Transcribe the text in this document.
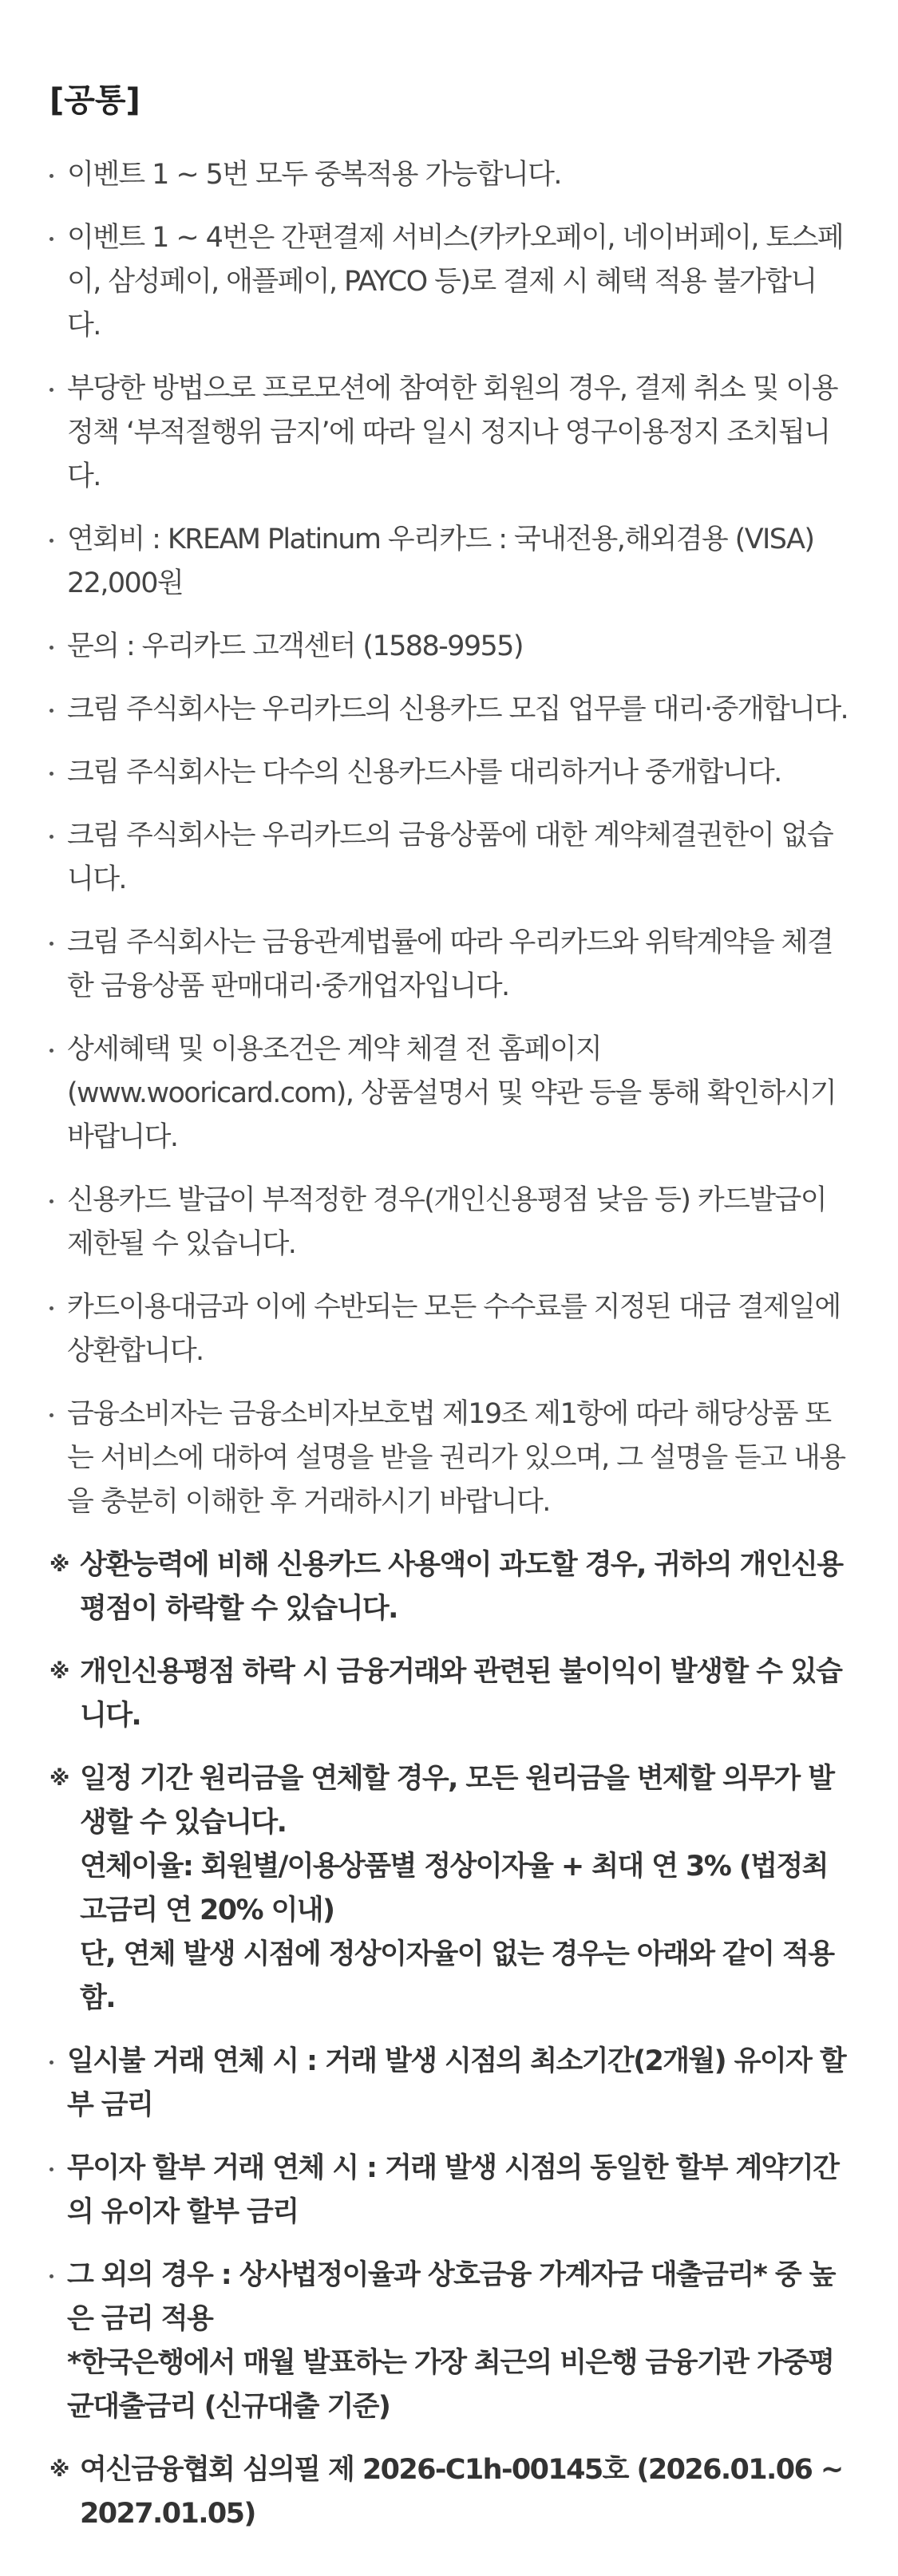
[공통]
이벤트 1 ~ 5번 모두 중복적용 가능합니다.
이벤트 1 ~ 4번은 간편결제 서비스(카카오페이, 네이버페이, 토스페이, 삼성페이, 애플페이, PAYCO 등)로 결제 시 혜택 적용 불가합니다.
부당한 방법으로 프로모션에 참여한 회원의 경우, 결제 취소 및 이용정책 ‘부적절행위 금지’에 따라 일시 정지나 영구이용정지 조치됩니다.
연회비 : KREAM Platinum 우리카드 : 국내전용,해외겸용 (VISA) 22,000원
문의 : 우리카드 고객센터 (1588-9955)
크림 주식회사는 우리카드의 신용카드 모집 업무를 대리·중개합니다.
크림 주식회사는 다수의 신용카드사를 대리하거나 중개합니다.
크림 주식회사는 우리카드의 금융상품에 대한 계약체결권한이 없습니다.
크림 주식회사는 금융관계법률에 따라 우리카드와 위탁계약을 체결한 금융상품 판매대리·중개업자입니다.
상세혜택 및 이용조건은 계약 체결 전 홈페이지 (www.wooricard.com), 상품설명서 및 약관 등을 통해 확인하시기 바랍니다.
신용카드 발급이 부적정한 경우(개인신용평점 낮음 등) 카드발급이 제한될 수 있습니다.
카드이용대금과 이에 수반되는 모든 수수료를 지정된 대금 결제일에 상환합니다.
금융소비자는 금융소비자보호법 제19조 제1항에 따라 해당상품 또는 서비스에 대하여 설명을 받을 권리가 있으며, 그 설명을 듣고 내용을 충분히 이해한 후 거래하시기 바랍니다.
※ 상환능력에 비해 신용카드 사용액이 과도할 경우, 귀하의 개인신용평점이 하락할 수 있습니다.
※ 개인신용평점 하락 시 금융거래와 관련된 불이익이 발생할 수 있습니다.
※ 일정 기간 원리금을 연체할 경우, 모든 원리금을 변제할 의무가 발생할 수 있습니다.
연체이율: 회원별/이용상품별 정상이자율 + 최대 연 3% (법정최고금리 연 20% 이내)
단, 연체 발생 시점에 정상이자율이 없는 경우는 아래와 같이 적용함.
일시불 거래 연체 시 : 거래 발생 시점의 최소기간(2개월) 유이자 할부 금리
무이자 할부 거래 연체 시 : 거래 발생 시점의 동일한 할부 계약기간의 유이자 할부 금리
그 외의 경우 : 상사법정이율과 상호금융 가계자금 대출금리* 중 높은 금리 적용
*한국은행에서 매월 발표하는 가장 최근의 비은행 금융기관 가중평균대출금리 (신규대출 기준)
※ 여신금융협회 심의필 제 2026-C1h-00145호 (2026.01.06 ~ 2027.01.05)
